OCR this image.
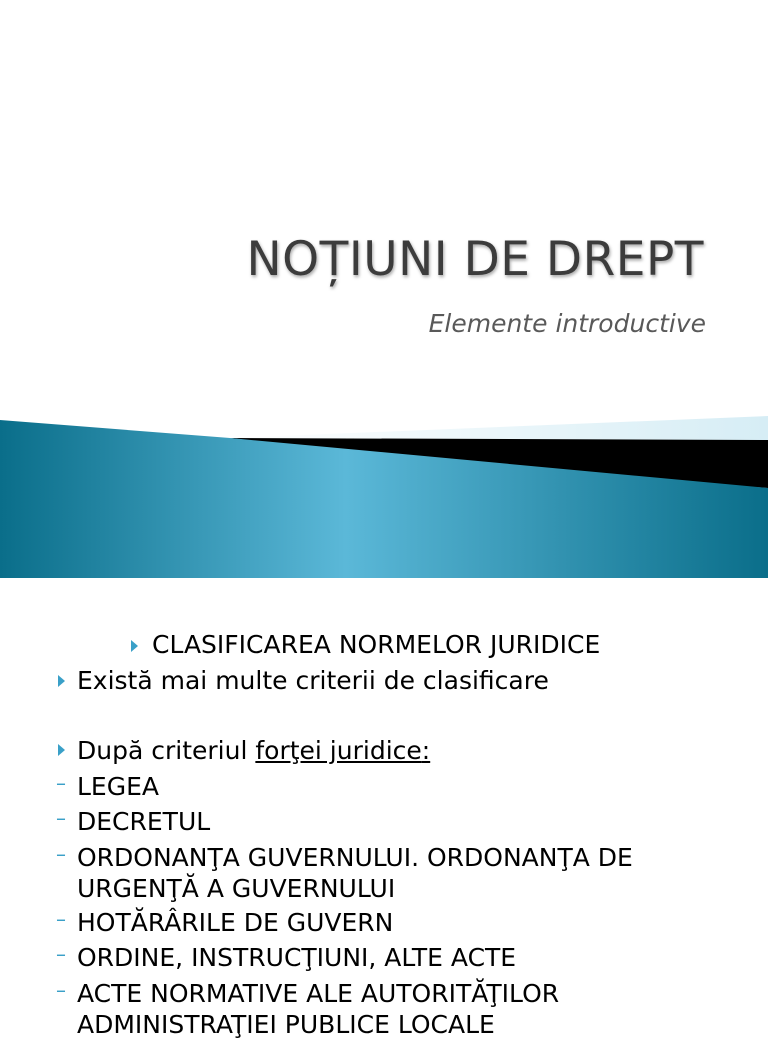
NOȚIUNI DE DREPT
Elemente introductive
CLASIFICAREA NORMELOR JURIDICE
Există mai multe criterii de clasificare
După criteriul forţei juridice:
– LEGEA
– DECRETUL
– ORDONANŢA GUVERNULUI. ORDONANŢA DE
URGENŢĂ A GUVERNULUI
– HOTĂRÂRILE DE GUVERN
– ORDINE, INSTRUCŢIUNI, ALTE ACTE
– ACTE NORMATIVE ALE AUTORITĂŢILOR
ADMINISTRAŢIEI PUBLICE LOCALE
